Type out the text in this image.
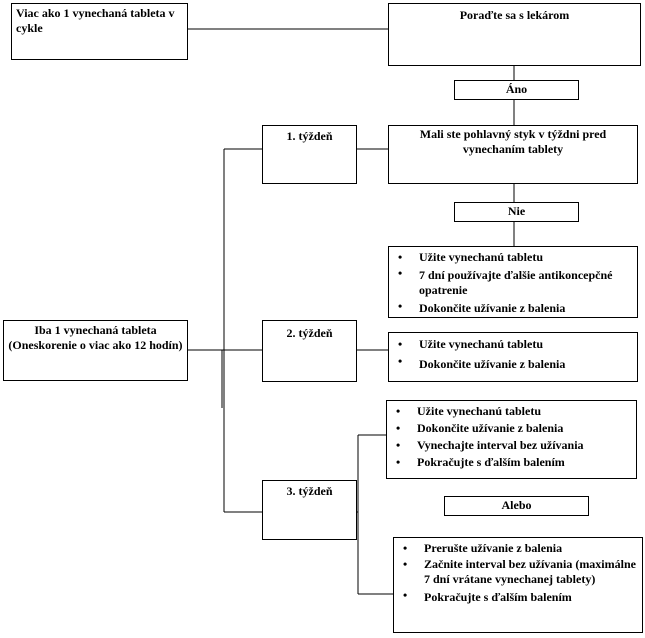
Viac ako 1 vynechaná tableta v cykle
Poraďte sa s lekárom
Áno
Mali ste pohlavný styk v týždni pred vynechaním tablety
Nie
1. týždeň
• Užite vynechanú tabletu
• 7 dní používajte ďalšie antikoncepčné opatrenie
• Dokončite užívanie z balenia
Iba 1 vynechaná tableta (Oneskorenie o viac ako 12 hodín)
2. týždeň
• Užite vynechanú tabletu
• Dokončite užívanie z balenia
• Užite vynechanú tabletu
• Dokončite užívanie z balenia
• Vynechajte interval bez užívania
• Pokračujte s ďalším balením
3. týždeň
Alebo
• Prerušte užívanie z balenia
• Začnite interval bez užívania (maximálne 7 dní vrátane vynechanej tablety)
• Pokračujte s ďalším balením
